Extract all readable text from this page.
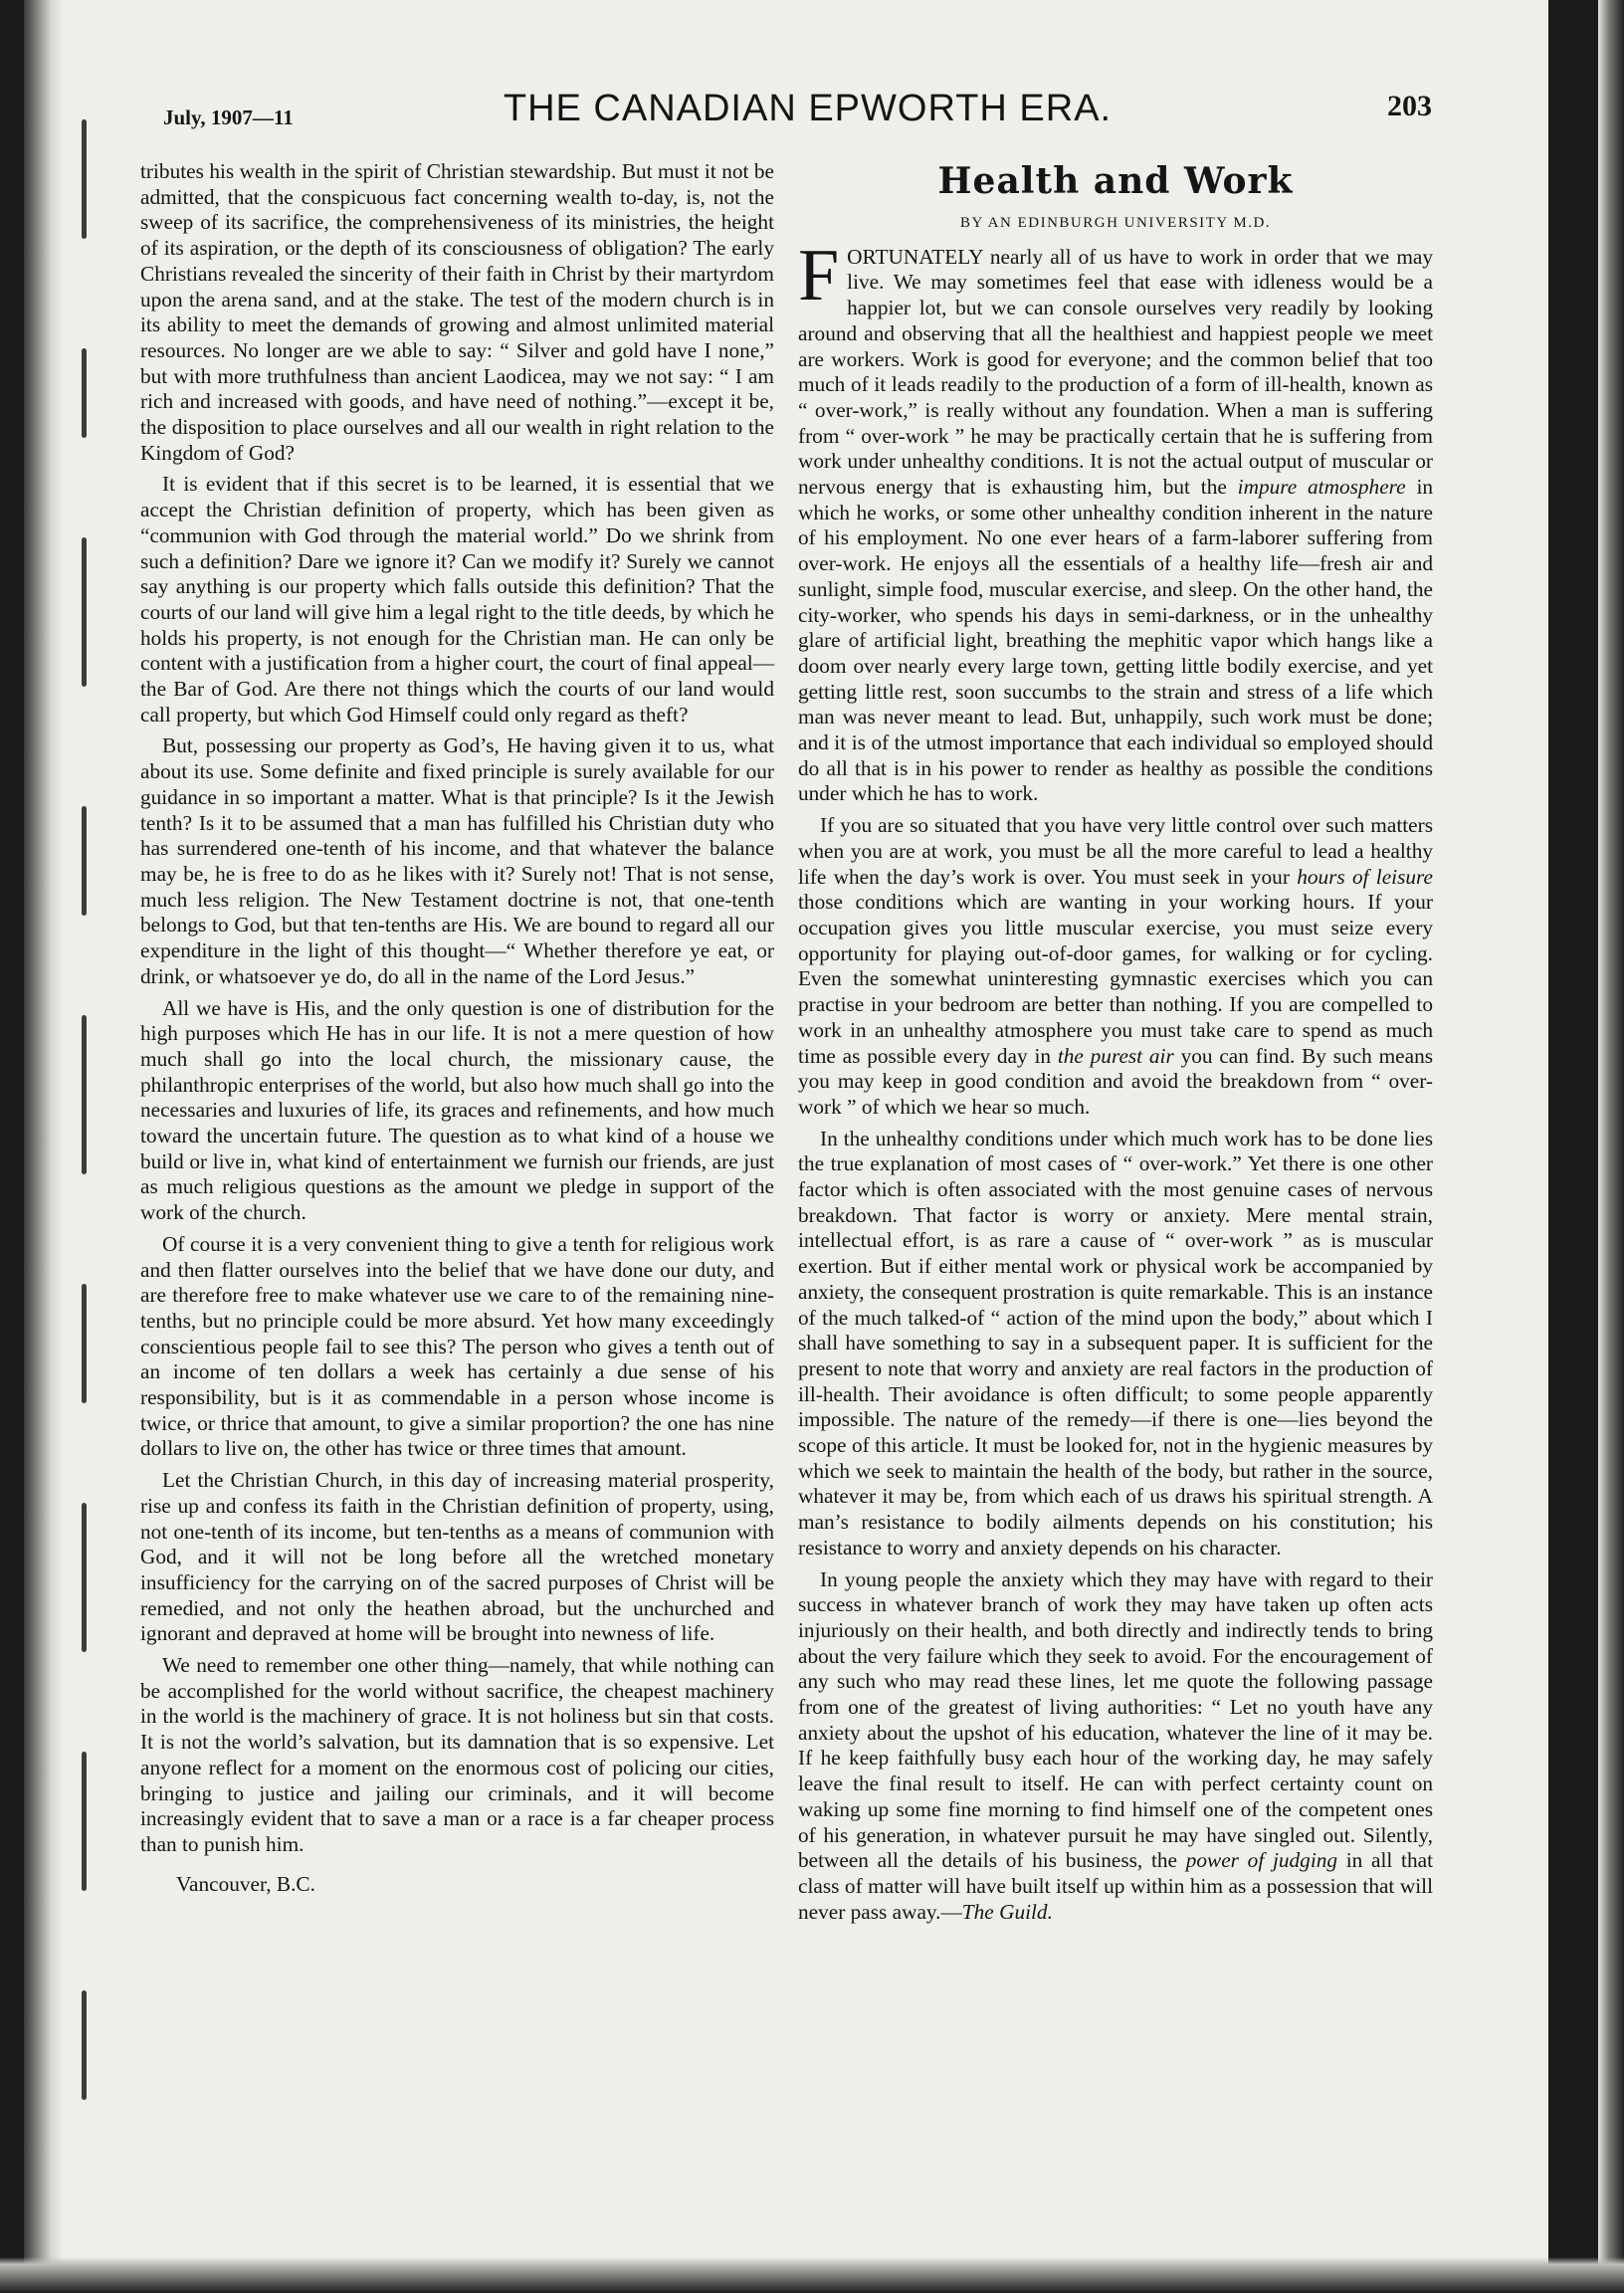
July, 1907—11	THE CANADIAN EPWORTH ERA.	203

tributes his wealth in the spirit of Christian stewardship. But must it not be admitted, that the conspicuous fact concerning wealth to-day, is, not the sweep of its sacrifice, the comprehensiveness of its ministries, the height of its aspiration, or the depth of its consciousness of obligation? The early Christians revealed the sincerity of their faith in Christ by their martyrdom upon the arena sand, and at the stake. The test of the modern church is in its ability to meet the demands of growing and almost unlimited material resources. No longer are we able to say: “ Silver and gold have I none,” but with more truthfulness than ancient Laodicea, may we not say: “ I am rich and increased with goods, and have need of nothing.”—except it be, the disposition to place ourselves and all our wealth in right relation to the Kingdom of God?

It is evident that if this secret is to be learned, it is essential that we accept the Christian definition of property, which has been given as “communion with God through the material world.” Do we shrink from such a definition? Dare we ignore it? Can we modify it? Surely we cannot say anything is our property which falls outside this definition? That the courts of our land will give him a legal right to the title deeds, by which he holds his property, is not enough for the Christian man. He can only be content with a justification from a higher court, the court of final appeal—the Bar of God. Are there not things which the courts of our land would call property, but which God Himself could only regard as theft?

But, possessing our property as God’s, He having given it to us, what about its use. Some definite and fixed principle is surely available for our guidance in so important a matter. What is that principle? Is it the Jewish tenth? Is it to be assumed that a man has fulfilled his Christian duty who has surrendered one-tenth of his income, and that whatever the balance may be, he is free to do as he likes with it? Surely not! That is not sense, much less religion. The New Testament doctrine is not, that one-tenth belongs to God, but that ten-tenths are His. We are bound to regard all our expenditure in the light of this thought—“ Whether therefore ye eat, or drink, or whatsoever ye do, do all in the name of the Lord Jesus.”

All we have is His, and the only question is one of distribution for the high purposes which He has in our life. It is not a mere question of how much shall go into the local church, the missionary cause, the philanthropic enterprises of the world, but also how much shall go into the necessaries and luxuries of life, its graces and refinements, and how much toward the uncertain future. The question as to what kind of a house we build or live in, what kind of entertainment we furnish our friends, are just as much religious questions as the amount we pledge in support of the work of the church.

Of course it is a very convenient thing to give a tenth for religious work and then flatter ourselves into the belief that we have done our duty, and are therefore free to make whatever use we care to of the remaining nine-tenths, but no principle could be more absurd. Yet how many exceedingly conscientious people fail to see this? The person who gives a tenth out of an income of ten dollars a week has certainly a due sense of his responsibility, but is it as commendable in a person whose income is twice, or thrice that amount, to give a similar proportion? the one has nine dollars to live on, the other has twice or three times that amount.

Let the Christian Church, in this day of increasing material prosperity, rise up and confess its faith in the Christian definition of property, using, not one-tenth of its income, but ten-tenths as a means of communion with God, and it will not be long before all the wretched monetary insufficiency for the carrying on of the sacred purposes of Christ will be remedied, and not only the heathen abroad, but the unchurched and ignorant and depraved at home will be brought into newness of life.

We need to remember one other thing—namely, that while nothing can be accomplished for the world without sacrifice, the cheapest machinery in the world is the machinery of grace. It is not holiness but sin that costs. It is not the world’s salvation, but its damnation that is so expensive. Let anyone reflect for a moment on the enormous cost of policing our cities, bringing to justice and jailing our criminals, and it will become increasingly evident that to save a man or a race is a far cheaper process than to punish him.

Vancouver, B.C.

Health and Work
BY AN EDINBURGH UNIVERSITY M.D.

FORTUNATELY nearly all of us have to work in order that we may live. We may sometimes feel that ease with idleness would be a happier lot, but we can console ourselves very readily by looking around and observing that all the healthiest and happiest people we meet are workers. Work is good for everyone; and the common belief that too much of it leads readily to the production of a form of ill-health, known as “ over-work,” is really without any foundation. When a man is suffering from “ over-work ” he may be practically certain that he is suffering from work under unhealthy conditions. It is not the actual output of muscular or nervous energy that is exhausting him, but the impure atmosphere in which he works, or some other unhealthy condition inherent in the nature of his employment. No one ever hears of a farm-laborer suffering from over-work. He enjoys all the essentials of a healthy life—fresh air and sunlight, simple food, muscular exercise, and sleep. On the other hand, the city-worker, who spends his days in semi-darkness, or in the unhealthy glare of artificial light, breathing the mephitic vapor which hangs like a doom over nearly every large town, getting little bodily exercise, and yet getting little rest, soon succumbs to the strain and stress of a life which man was never meant to lead. But, unhappily, such work must be done; and it is of the utmost importance that each individual so employed should do all that is in his power to render as healthy as possible the conditions under which he has to work.

If you are so situated that you have very little control over such matters when you are at work, you must be all the more careful to lead a healthy life when the day’s work is over. You must seek in your hours of leisure those conditions which are wanting in your working hours. If your occupation gives you little muscular exercise, you must seize every opportunity for playing out-of-door games, for walking or for cycling. Even the somewhat uninteresting gymnastic exercises which you can practise in your bedroom are better than nothing. If you are compelled to work in an unhealthy atmosphere you must take care to spend as much time as possible every day in the purest air you can find. By such means you may keep in good condition and avoid the breakdown from “ over-work ” of which we hear so much.

In the unhealthy conditions under which much work has to be done lies the true explanation of most cases of “ over-work.” Yet there is one other factor which is often associated with the most genuine cases of nervous breakdown. That factor is worry or anxiety. Mere mental strain, intellectual effort, is as rare a cause of “ over-work ” as is muscular exertion. But if either mental work or physical work be accompanied by anxiety, the consequent prostration is quite remarkable. This is an instance of the much talked-of “ action of the mind upon the body,” about which I shall have something to say in a subsequent paper. It is sufficient for the present to note that worry and anxiety are real factors in the production of ill-health. Their avoidance is often difficult; to some people apparently impossible. The nature of the remedy—if there is one—lies beyond the scope of this article. It must be looked for, not in the hygienic measures by which we seek to maintain the health of the body, but rather in the source, whatever it may be, from which each of us draws his spiritual strength. A man’s resistance to bodily ailments depends on his constitution; his resistance to worry and anxiety depends on his character.

In young people the anxiety which they may have with regard to their success in whatever branch of work they may have taken up often acts injuriously on their health, and both directly and indirectly tends to bring about the very failure which they seek to avoid. For the encouragement of any such who may read these lines, let me quote the following passage from one of the greatest of living authorities: “ Let no youth have any anxiety about the upshot of his education, whatever the line of it may be. If he keep faithfully busy each hour of the working day, he may safely leave the final result to itself. He can with perfect certainty count on waking up some fine morning to find himself one of the competent ones of his generation, in whatever pursuit he may have singled out. Silently, between all the details of his business, the power of judging in all that class of matter will have built itself up within him as a possession that will never pass away.—The Guild.
